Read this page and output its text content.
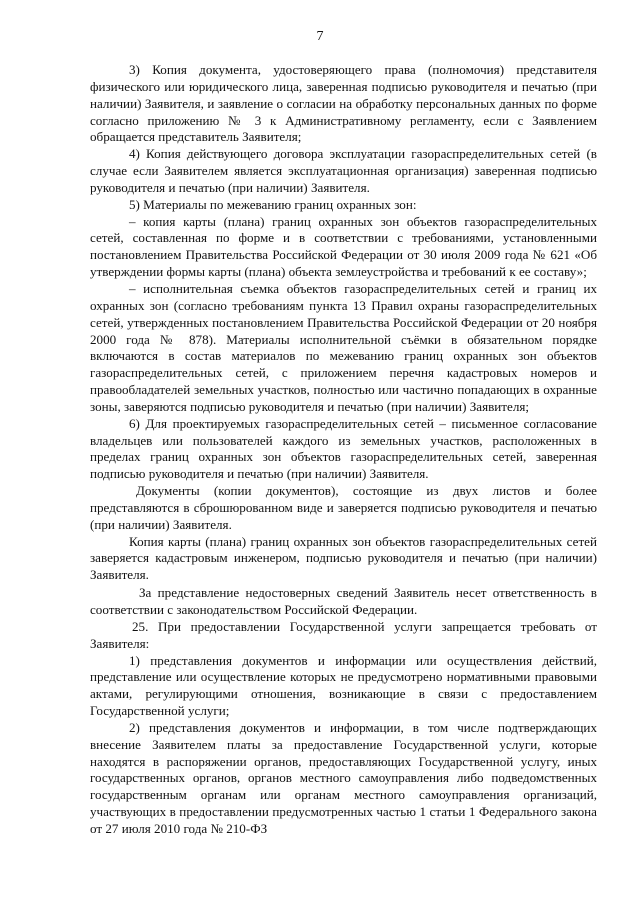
7

3) Копия документа, удостоверяющего права (полномочия) представителя физического или юридического лица, заверенная подписью руководителя и печатью (при наличии) Заявителя, и заявление о согласии на обработку персональных данных по форме согласно приложению № 3 к Административному регламенту, если с Заявлением обращается представитель Заявителя;

4) Копия действующего договора эксплуатации газораспределительных сетей (в случае если Заявителем является эксплуатационная организация) заверенная подписью руководителя и печатью (при наличии) Заявителя.

5) Материалы по межеванию границ охранных зон:

– копия карты (плана) границ охранных зон объектов газораспределительных сетей, составленная по форме и в соответствии с требованиями, установленными постановлением Правительства Российской Федерации от 30 июля 2009 года № 621 «Об утверждении формы карты (плана) объекта землеустройства и требований к ее составу»;

– исполнительная съемка объектов газораспределительных сетей и границ их охранных зон (согласно требованиям пункта 13 Правил охраны газораспределительных сетей, утвержденных постановлением Правительства Российской Федерации от 20 ноября 2000 года № 878). Материалы исполнительной съёмки в обязательном порядке включаются в состав материалов по межеванию границ охранных зон объектов газораспределительных сетей, с приложением перечня кадастровых номеров и правообладателей земельных участков, полностью или частично попадающих в охранные зоны, заверяются подписью руководителя и печатью (при наличии) Заявителя;

6) Для проектируемых газораспределительных сетей – письменное согласование владельцев или пользователей каждого из земельных участков, расположенных в пределах границ охранных зон объектов газораспределительных сетей, заверенная подписью руководителя и печатью (при наличии) Заявителя.

Документы (копии документов), состоящие из двух листов и более представляются в сброшюрованном виде и заверяется подписью руководителя и печатью (при наличии) Заявителя.

Копия карты (плана) границ охранных зон объектов газораспределительных сетей заверяется кадастровым инженером, подписью руководителя и печатью (при наличии) Заявителя.

За представление недостоверных сведений Заявитель несет ответственность в соответствии с законодательством Российской Федерации.

25. При предоставлении Государственной услуги запрещается требовать от Заявителя:

1) представления документов и информации или осуществления действий, представление или осуществление которых не предусмотрено нормативными правовыми актами, регулирующими отношения, возникающие в связи с предоставлением Государственной услуги;

2) представления документов и информации, в том числе подтверждающих внесение Заявителем платы за предоставление Государственной услуги, которые находятся в распоряжении органов, предоставляющих Государственной услугу, иных государственных органов, органов местного самоуправления либо подведомственных государственным органам или органам местного самоуправления организаций, участвующих в предоставлении предусмотренных частью 1 статьи 1 Федерального закона от 27 июля 2010 года № 210-ФЗ
